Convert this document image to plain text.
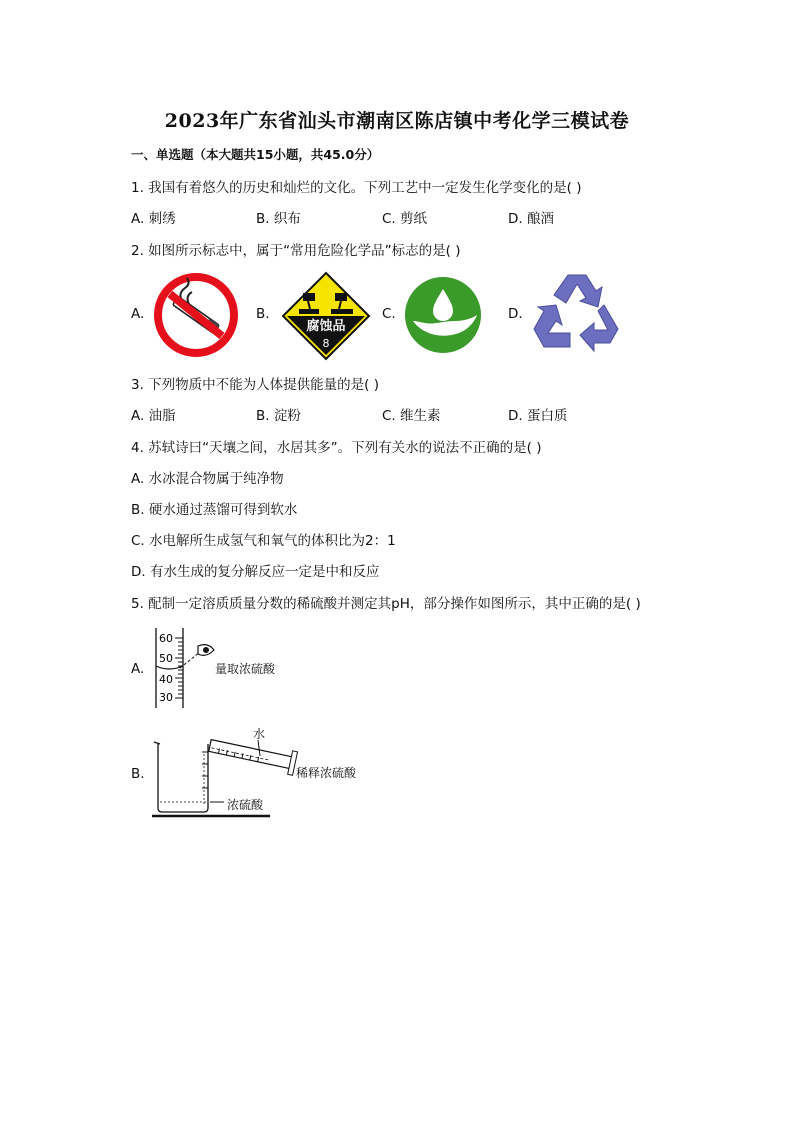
2023年广东省汕头市潮南区陈店镇中考化学三模试卷
一、单选题（本大题共15小题，共45.0分）
1. 我国有着悠久的历史和灿烂的文化。下列工艺中一定发生化学变化的是( )
A. 刺绣	B. 织布	C. 剪纸	D. 酿酒
2. 如图所示标志中，属于“常用危险化学品”标志的是( )
A.	B.	C.	D.
腐蚀品
8
3. 下列物质中不能为人体提供能量的是( )
A. 油脂	B. 淀粉	C. 维生素	D. 蛋白质
4. 苏轼诗曰“天壤之间，水居其多”。下列有关水的说法不正确的是( )
A. 水冰混合物属于纯净物
B. 硬水通过蒸馏可得到软水
C. 水电解所生成氢气和氧气的体积比为2：1
D. 有水生成的复分解反应一定是中和反应
5. 配制一定溶质质量分数的稀硫酸并测定其pH，部分操作如图所示，其中正确的是( )
A.
60
50
40
30
量取浓硫酸
B.
水
稀释浓硫酸
浓硫酸
